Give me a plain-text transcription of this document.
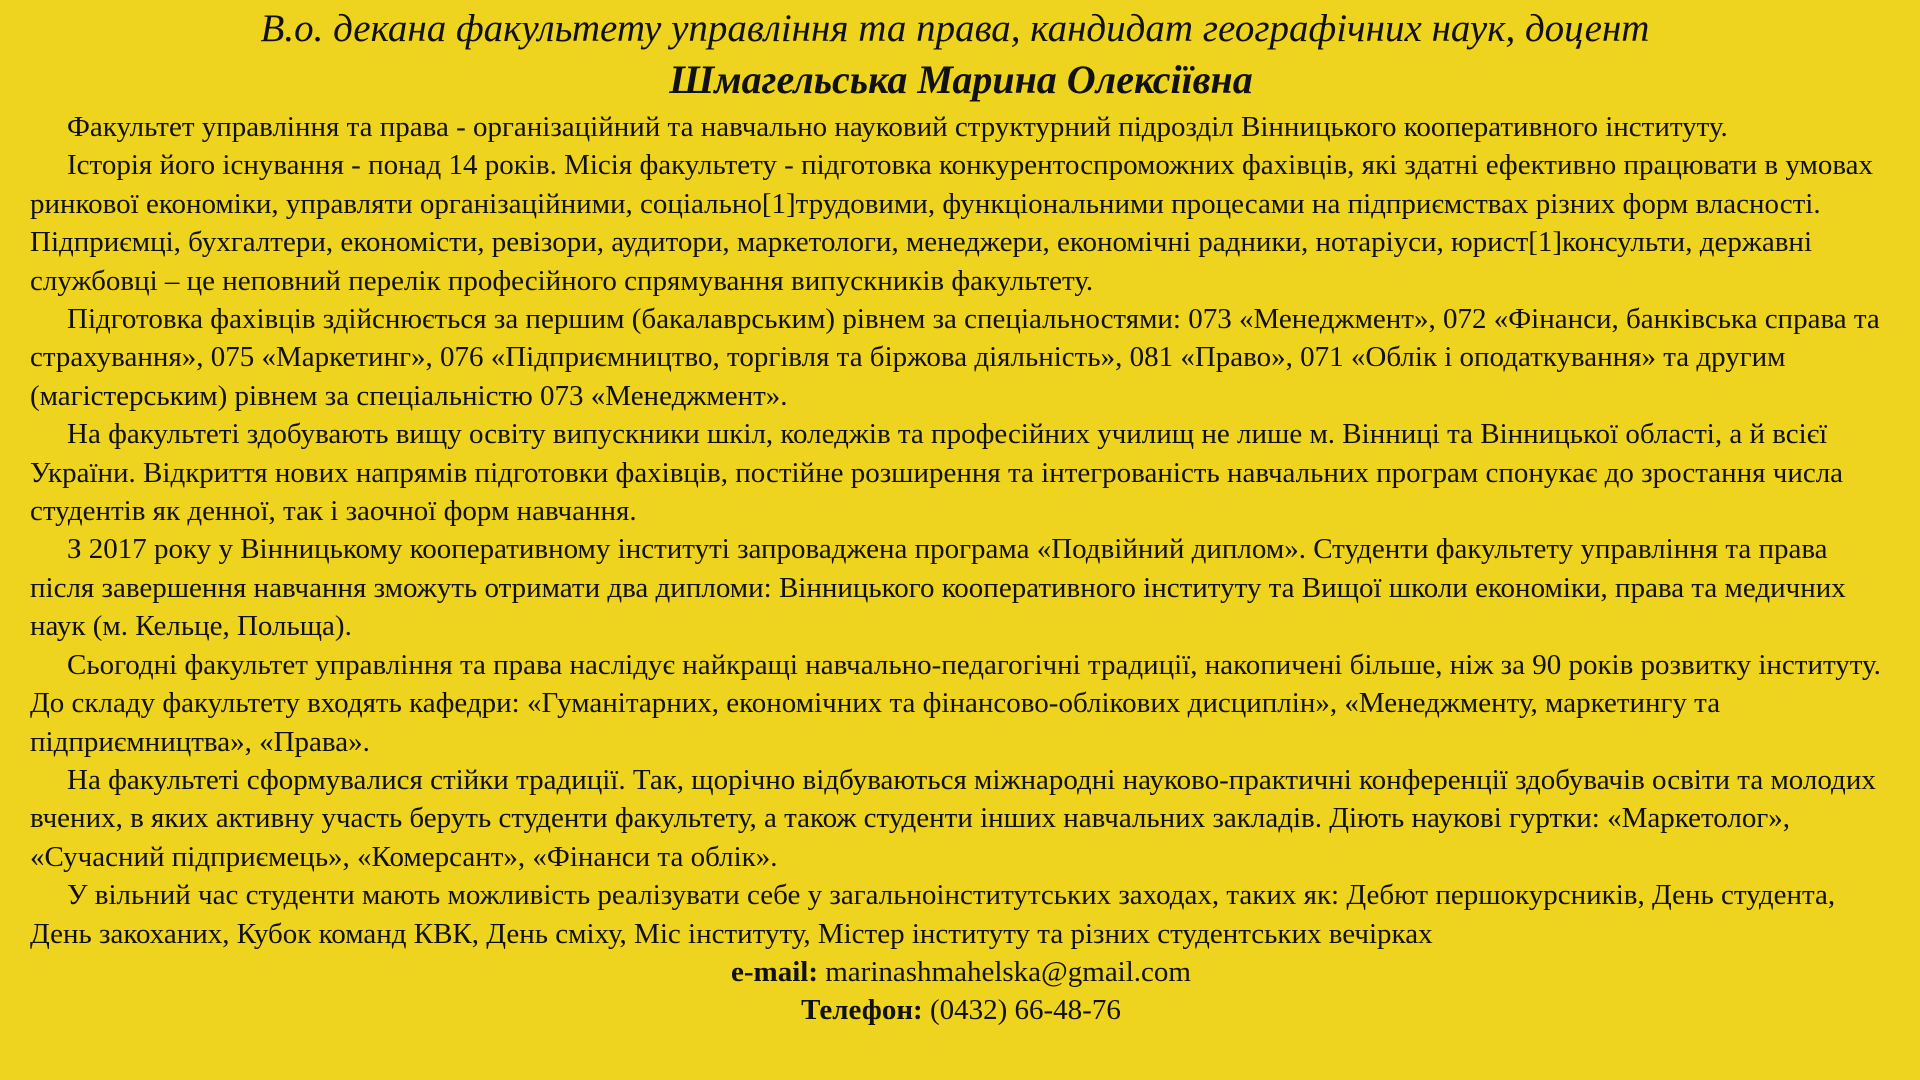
В.о. декана факультету управління та права, кандидат географічних наук, доцент
Шмагельська Марина Олексіївна

Факультет управління та права - організаційний та навчально науковий структурний підрозділ Вінницького кооперативного інституту.

Історія його існування - понад 14 років. Місія факультету - підготовка конкурентоспроможних фахівців, які здатні ефективно працювати в умовах ринкової економіки, управляти організаційними, соціально[1]трудовими, функціональними процесами на підприємствах різних форм власності. Підприємці, бухгалтери, економісти, ревізори, аудитори, маркетологи, менеджери, економічні радники, нотаріуси, юрист[1]консульти, державні службовці – це неповний перелік професійного спрямування випускників факультету.

Підготовка фахівців здійснюється за першим (бакалаврським) рівнем за спеціальностями: 073 «Менеджмент», 072 «Фінанси, банківська справа та страхування», 075 «Маркетинг», 076 «Підприємництво, торгівля та біржова діяльність», 081 «Право», 071 «Облік і оподаткування» та другим (магістерським) рівнем за спеціальністю 073 «Менеджмент».

На факультеті здобувають вищу освіту випускники шкіл, коледжів та професійних училищ не лише м. Вінниці та Вінницької області, а й всієї України. Відкриття нових напрямів підготовки фахівців, постійне розширення та інтегрованість навчальних програм спонукає до зростання числа студентів як денної, так і заочної форм навчання.

З 2017 року у Вінницькому кооперативному інституті запроваджена програма «Подвійний диплом». Студенти факультету управління та права після завершення навчання зможуть отримати два дипломи: Вінницького кооперативного інституту та Вищої школи економіки, права та медичних наук (м. Кельце, Польща).

Сьогодні факультет управління та права наслідує найкращі навчально-педагогічні традиції, накопичені більше, ніж за 90 років розвитку інституту. До складу факультету входять кафедри: «Гуманітарних, економічних та фінансово-облікових дисциплін», «Менеджменту, маркетингу та підприємництва», «Права».

На факультеті сформувалися стійки традиції. Так, щорічно відбуваються міжнародні науково-практичні конференції здобувачів освіти та молодих вчених, в яких активну участь беруть студенти факультету, а також студенти інших навчальних закладів. Діють наукові гуртки: «Маркетолог», «Сучасний підприємець», «Комерсант», «Фінанси та облік».

У вільний час студенти мають можливість реалізувати себе у загальноінститутських заходах, таких як: Дебют першокурсників, День студента, День закоханих, Кубок команд КВК, День сміху, Міс інституту, Містер інституту та різних студентських вечірках

e-mail: marinashmahelska@gmail.com

Телефон: (0432) 66-48-76
